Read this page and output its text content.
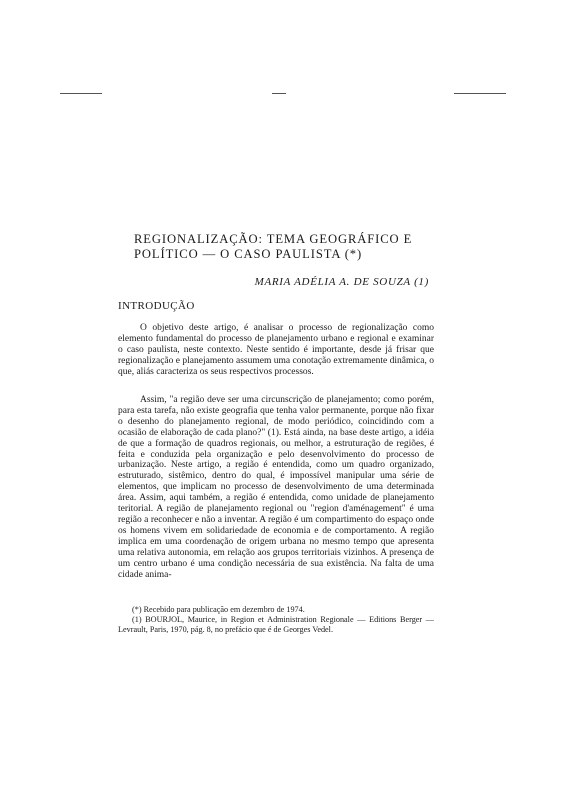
REGIONALIZAÇÃO: TEMA GEOGRÁFICO E
POLÍTICO — O CASO PAULISTA (*)
MARIA ADÉLIA A. DE SOUZA (1)
INTRODUÇÃO

O objetivo deste artigo, é analisar o processo de regionalização como elemento fundamental do processo de planejamento urbano e regional e examinar o caso paulista, neste contexto. Neste sentido é importante, desde já frisar que regionalização e planejamento assumem uma conotação extremamente dinâmica, o que, aliás caracteriza os seus respectivos processos.

Assim, "a região deve ser uma circunscrição de planejamento; como porém, para esta tarefa, não existe geografia que tenha valor permanente, porque não fixar o desenho do planejamento regional, de modo periódico, coincidindo com a ocasião de elaboração de cada plano?" (1). Está ainda, na base deste artigo, a idéia de que a formação de quadros regionais, ou melhor, a estruturação de regiões, é feita e conduzida pela organização e pelo desenvolvimento do processo de urbanização. Neste artigo, a região é entendida, como um quadro organizado, estruturado, sistêmico, dentro do qual, é impossível manipular uma série de elementos, que implicam no processo de desenvolvimento de uma determinada área. Assim, aqui também, a região é entendida, como unidade de planejamento teritorial. A região de planejamento regional ou "region d'aménagement" é uma região a reconhecer e não a inventar. A região é um compartimento do espaço onde os homens vivem em solidariedade de economia e de comportamento. A região implica em uma coordenação de origem urbana no mesmo tempo que apresenta uma relativa autonomia, em relação aos grupos territoriais vizinhos. A presença de um centro urbano é uma condição necessária de sua existência. Na falta de uma cidade anima-

(*) Recebido para publicação em dezembro de 1974.

(1) BOURJOL, Maurice, in Region et Administration Regionale — Editions Berger — Levrault, Paris, 1970, pág. 8, no prefácio que é de Georges Vedel.
